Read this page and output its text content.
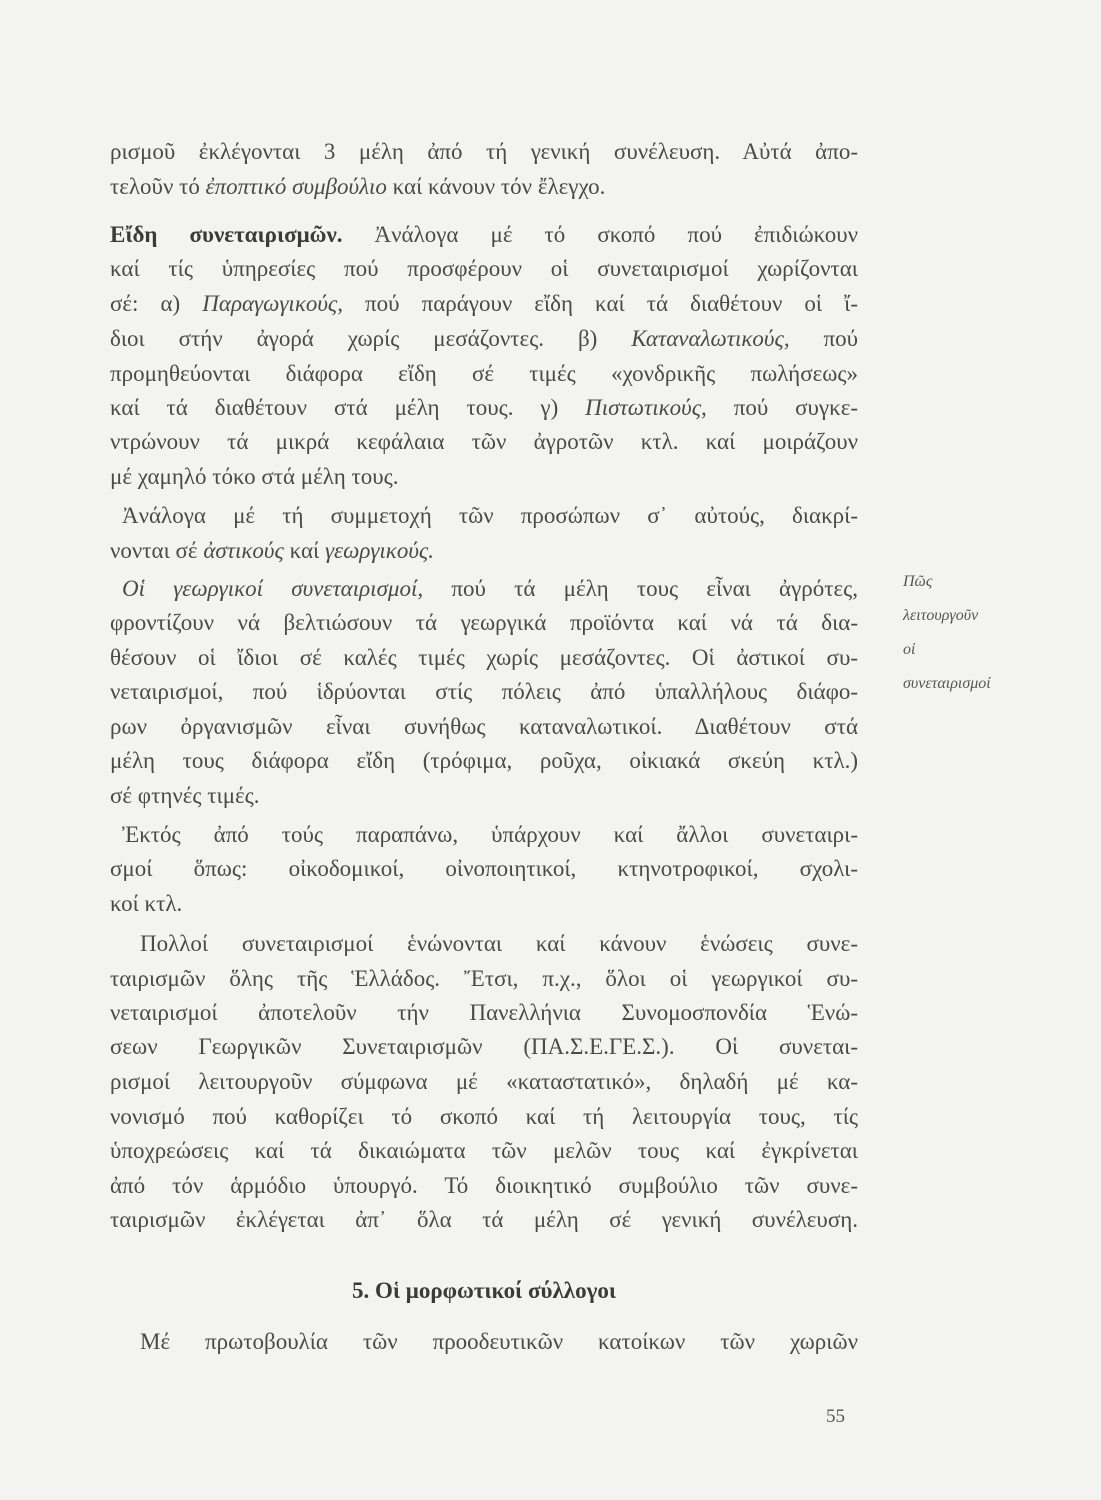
ρισμοῦ ἐκλέγονται 3 μέλη ἀπό τή γενική συνέλευση. Αὐτά ἀπο-
τελοῦν τό ἐποπτικό συμβούλιο καί κάνουν τόν ἔλεγχο.
Εἴδη συνεταιρισμῶν. Ἀνάλογα μέ τό σκοπό πού ἐπιδιώκουν
καί τίς ὑπηρεσίες πού προσφέρουν οἱ συνεταιρισμοί χωρίζονται
σέ: α) Παραγωγικούς, πού παράγουν εἴδη καί τά διαθέτουν οἱ ἴ-
διοι στήν ἀγορά χωρίς μεσάζοντες. β) Καταναλωτικούς, πού
προμηθεύονται διάφορα εἴδη σέ τιμές «χονδρικῆς πωλήσεως»
καί τά διαθέτουν στά μέλη τους. γ) Πιστωτικούς, πού συγκε-
ντρώνουν τά μικρά κεφάλαια τῶν ἀγροτῶν κτλ. καί μοιράζουν
μέ χαμηλό τόκο στά μέλη τους.
Ἀνάλογα μέ τή συμμετοχή τῶν προσώπων σ᾽ αὐτούς, διακρί-
νονται σέ ἀστικούς καί γεωργικούς.
Οἱ γεωργικοί συνεταιρισμοί, πού τά μέλη τους εἶναι ἀγρότες,
φροντίζουν νά βελτιώσουν τά γεωργικά προϊόντα καί νά τά δια-
θέσουν οἱ ἴδιοι σέ καλές τιμές χωρίς μεσάζοντες. Οἱ ἀστικοί συ-
νεταιρισμοί, πού ἱδρύονται στίς πόλεις ἀπό ὑπαλλήλους διάφο-
ρων ὀργανισμῶν εἶναι συνήθως καταναλωτικοί. Διαθέτουν στά
μέλη τους διάφορα εἴδη (τρόφιμα, ροῦχα, οἰκιακά σκεύη κτλ.)
σέ φτηνές τιμές.
Ἐκτός ἀπό τούς παραπάνω, ὑπάρχουν καί ἄλλοι συνεταιρι-
σμοί ὅπως: οἰκοδομικοί, οἰνοποιητικοί, κτηνοτροφικοί, σχολι-
κοί κτλ.
Πολλοί συνεταιρισμοί ἑνώνονται καί κάνουν ἑνώσεις συνε-
ταιρισμῶν ὅλης τῆς Ἑλλάδος. Ἔτσι, π.χ., ὅλοι οἱ γεωργικοί συ-
νεταιρισμοί ἀποτελοῦν τήν Πανελλήνια Συνομοσπονδία Ἑνώ-
σεων Γεωργικῶν Συνεταιρισμῶν (ΠΑ.Σ.Ε.ΓΕ.Σ.). Οἱ συνεται-
ρισμοί λειτουργοῦν σύμφωνα μέ «καταστατικό», δηλαδή μέ κα-
νονισμό πού καθορίζει τό σκοπό καί τή λειτουργία τους, τίς
ὑποχρεώσεις καί τά δικαιώματα τῶν μελῶν τους καί ἐγκρίνεται
ἀπό τόν ἁρμόδιο ὑπουργό. Τό διοικητικό συμβούλιο τῶν συνε-
ταιρισμῶν ἐκλέγεται ἀπ᾽ ὅλα τά μέλη σέ γενική συνέλευση.
Μέ πρωτοβουλία τῶν προοδευτικῶν κατοίκων τῶν χωριῶν
5. Οἱ μορφωτικοί σύλλογοι
Πῶς
λειτουργοῦν
οἱ
συνεταιρισμοί
55
